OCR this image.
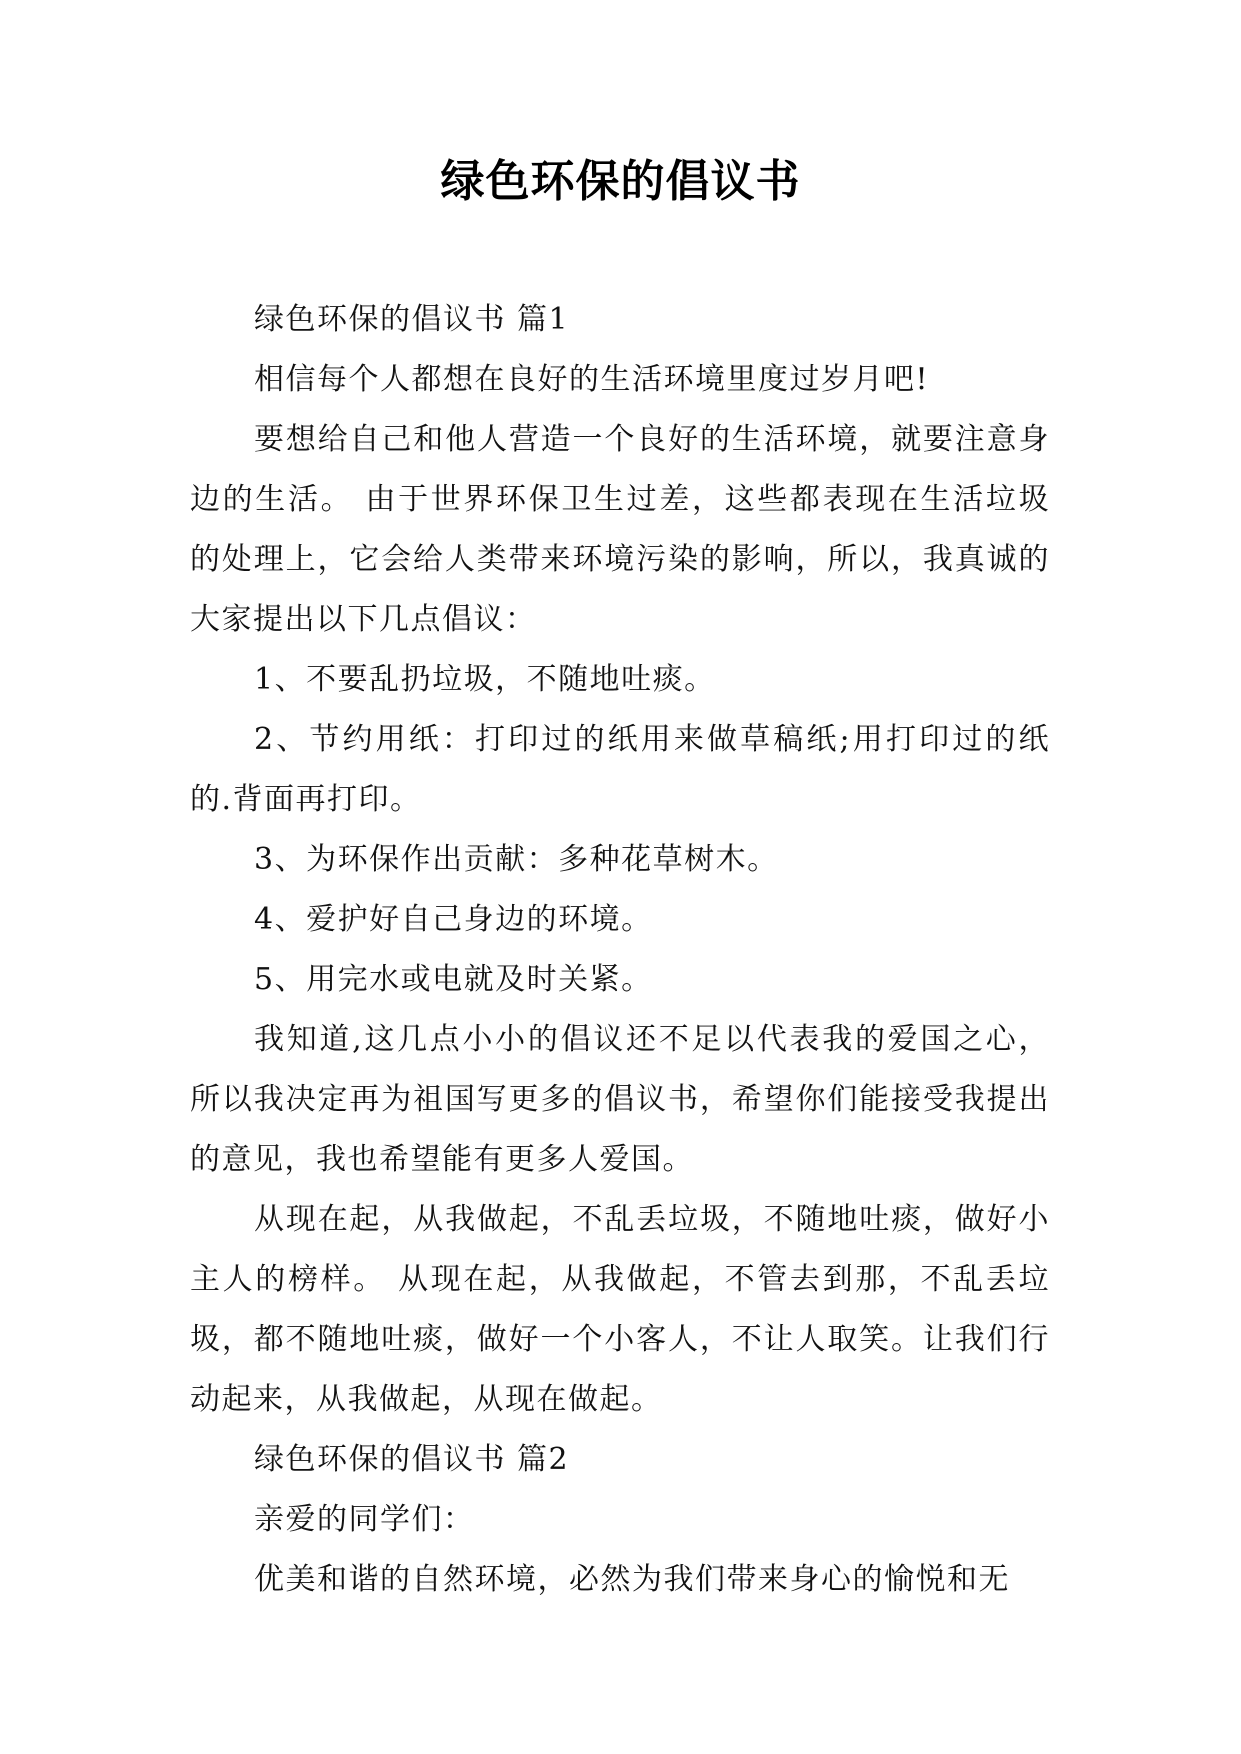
绿色环保的倡议书

绿色环保的倡议书 篇1

相信每个人都想在良好的生活环境里度过岁月吧!

要想给自己和他人营造一个良好的生活环境，就要注意身边的生活。 由于世界环保卫生过差，这些都表现在生活垃圾的处理上，它会给人类带来环境污染的影响，所以，我真诚的大家提出以下几点倡议：

1、不要乱扔垃圾，不随地吐痰。

2、节约用纸：打印过的纸用来做草稿纸;用打印过的纸的.背面再打印。

3、为环保作出贡献：多种花草树木。

4、爱护好自己身边的环境。

5、用完水或电就及时关紧。

我知道,这几点小小的倡议还不足以代表我的爱国之心，所以我决定再为祖国写更多的倡议书，希望你们能接受我提出的意见，我也希望能有更多人爱国。

从现在起，从我做起，不乱丢垃圾，不随地吐痰，做好小主人的榜样。 从现在起，从我做起，不管去到那，不乱丢垃圾，都不随地吐痰，做好一个小客人，不让人取笑。让我们行动起来，从我做起，从现在做起。

绿色环保的倡议书 篇2

亲爱的同学们：

优美和谐的自然环境，必然为我们带来身心的愉悦和无
